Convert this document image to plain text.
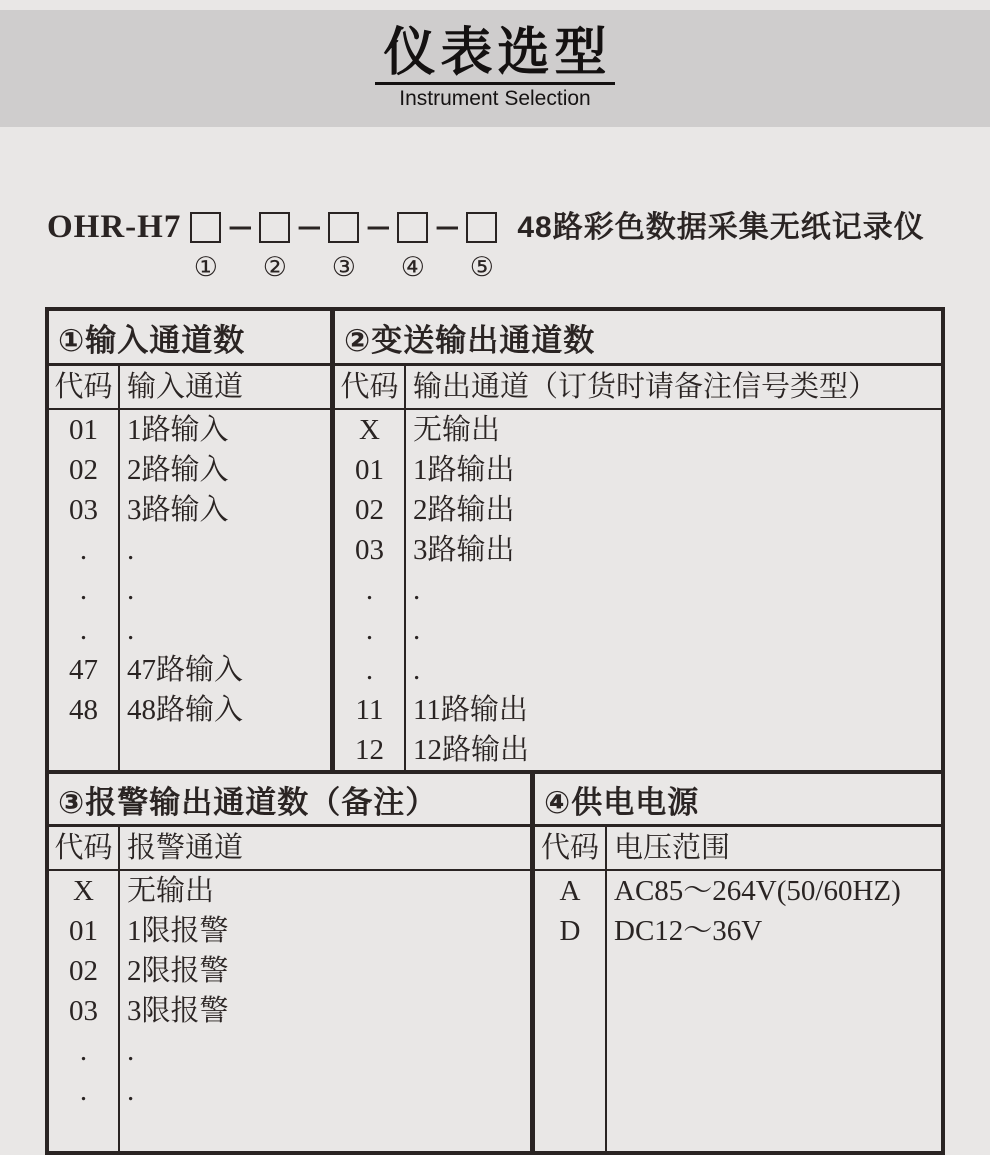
仪表选型
Instrument Selection
OHR-H7
①
–
②
–
③
–
④
–
⑤
48路彩色数据采集无纸记录仪
①输入通道数
代码 输入通道
01	1路输入
02	2路输入
03	3路输入
.	.
.	.
.	.
47	47路输入
48	48路输入
②变送输出通道数
代码 输出通道（订货时请备注信号类型）
X	无输出
01	1路输出
02	2路输出
03	3路输出
.	.
.	.
.	.
11	11路输出
12	12路输出
③报警输出通道数（备注）
代码 报警通道
X	无输出
01	1限报警
02	2限报警
03	3限报警
.	.
.	.
④供电电源
代码 电压范围
A	AC85～264V(50/60HZ)
D	DC12～36V
